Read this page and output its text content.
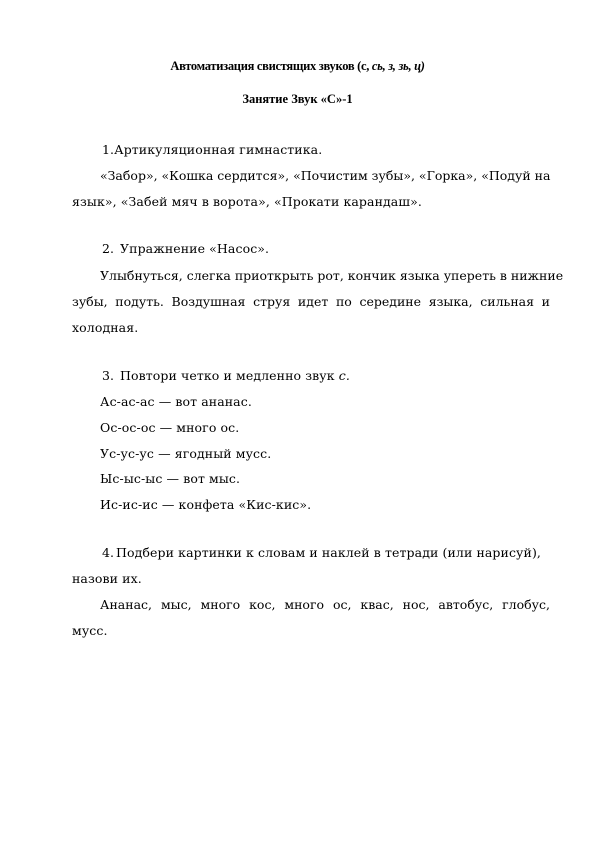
Автоматизация свистящих звуков (с, сь, з, зь, ц)
Занятие Звук «С»-1
1.Артикуляционная гимнастика.
«Забор», «Кошка сердится», «Почистим зубы», «Горка», «Подуй на
язык», «Забей мяч в ворота», «Прокати карандаш».
2. Упражнение «Насос».
Улыбнуться, слегка приоткрыть рот, кончик языка упереть в нижние
зубы, подуть. Воздушная струя идет по середине языка, сильная и
холодная.
3. Повтори четко и медленно звук с.
Ас-ас-ас — вот ананас.
Ос-ос-ос — много ос.
Ус-ус-ус — ягодный мусс.
Ыс-ыс-ыс — вот мыс.
Ис-ис-ис — конфета «Кис-кис».
4. Подбери картинки к словам и наклей в тетради (или нарисуй),
назови их.
Ананас, мыс, много кос, много ос, квас, нос, автобус, глобус,
мусс.
